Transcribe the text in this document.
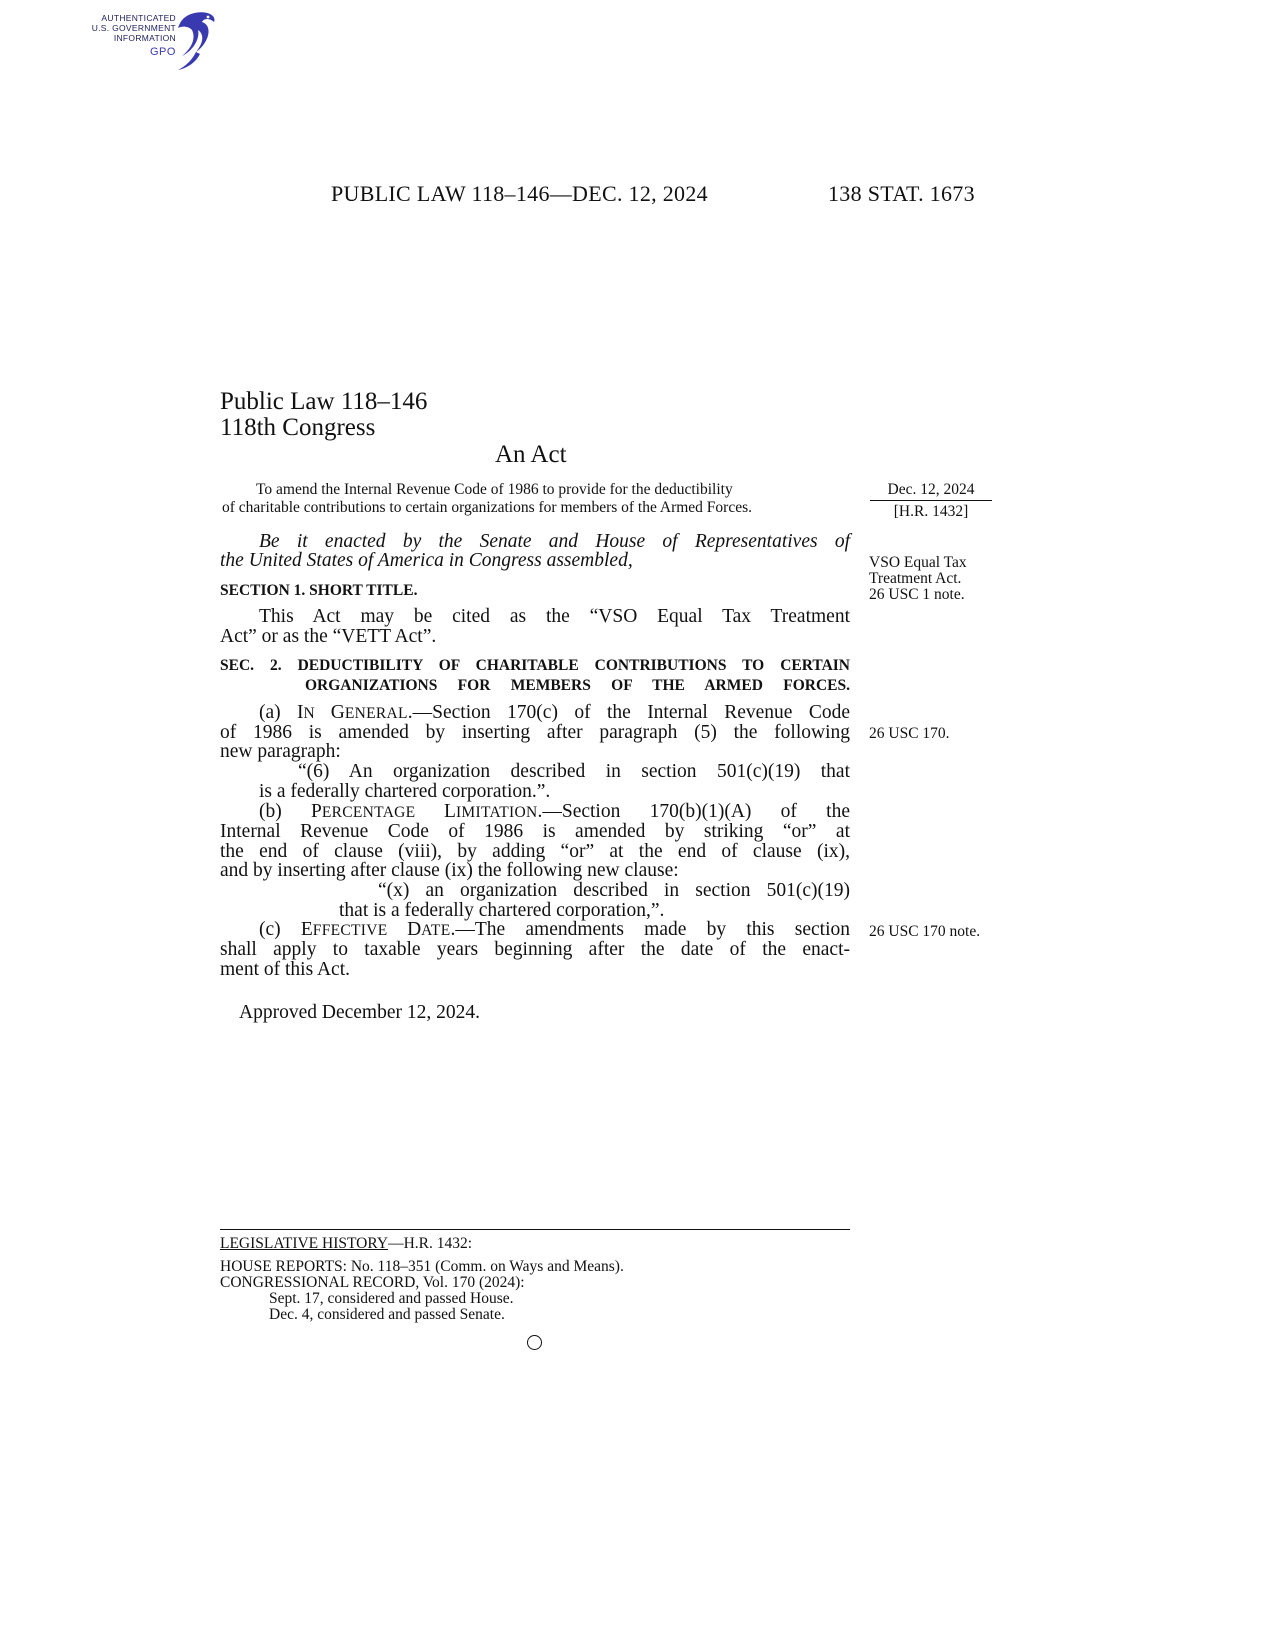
AUTHENTICATED
U.S. GOVERNMENT
INFORMATION
GPO
PUBLIC LAW 118–146—DEC. 12, 2024	138 STAT. 1673
Public Law 118–146
118th Congress
An Act
To amend the Internal Revenue Code of 1986 to provide for the deductibility
of charitable contributions to certain organizations for members of the Armed Forces.
Dec. 12, 2024
[H.R. 1432]
Be it enacted by the Senate and House of Representatives of
the United States of America in Congress assembled,	VSO Equal Tax
Treatment Act.
26 USC 1 note.
SECTION 1. SHORT TITLE.
This Act may be cited as the “VSO Equal Tax Treatment
Act” or as the “VETT Act”.
SEC. 2. DEDUCTIBILITY OF CHARITABLE CONTRIBUTIONS TO CERTAIN
ORGANIZATIONS FOR MEMBERS OF THE ARMED FORCES.
(a) IN GENERAL.—Section 170(c) of the Internal Revenue Code
of 1986 is amended by inserting after paragraph (5) the following
new paragraph:
“(6) An organization described in section 501(c)(19) that
is a federally chartered corporation.”.
26 USC 170.
(b) PERCENTAGE LIMITATION.—Section 170(b)(1)(A) of the
Internal Revenue Code of 1986 is amended by striking “or” at
the end of clause (viii), by adding “or” at the end of clause (ix),
and by inserting after clause (ix) the following new clause:
“(x) an organization described in section 501(c)(19)
that is a federally chartered corporation,”.
(c) EFFECTIVE DATE.—The amendments made by this section
shall apply to taxable years beginning after the date of the enact-
ment of this Act.
26 USC 170 note.
Approved December 12, 2024.
LEGISLATIVE HISTORY—H.R. 1432:
HOUSE REPORTS: No. 118–351 (Comm. on Ways and Means).
CONGRESSIONAL RECORD, Vol. 170 (2024):
Sept. 17, considered and passed House.
Dec. 4, considered and passed Senate.
